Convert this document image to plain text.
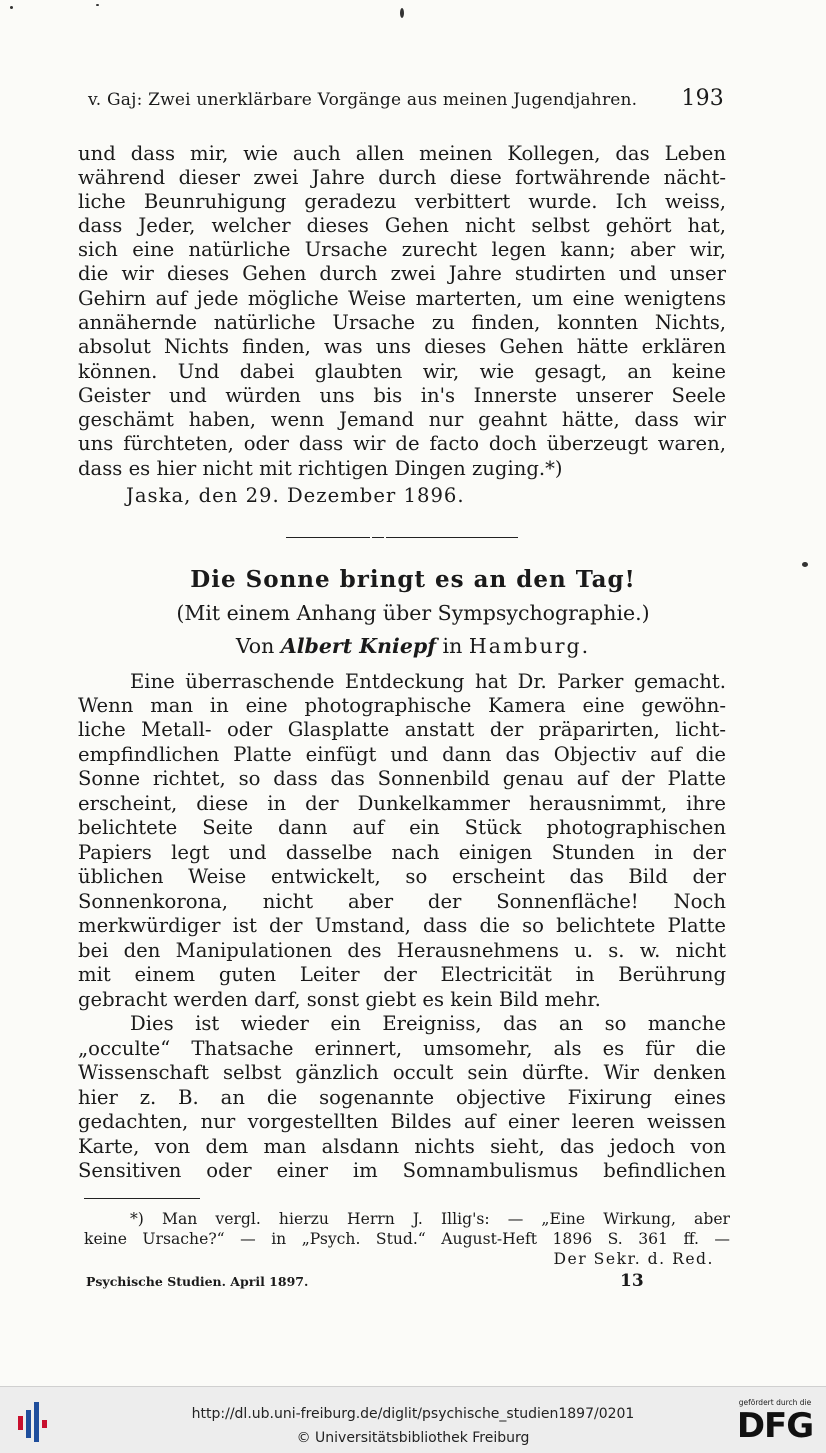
v. Gaj: Zwei unerklärbare Vorgänge aus meinen Jugendjahren. 193
und dass mir, wie auch allen meinen Kollegen, das Leben
während dieser zwei Jahre durch diese fortwährende nächt-
liche Beunruhigung geradezu verbittert wurde. Ich weiss,
dass Jeder, welcher dieses Gehen nicht selbst gehört hat,
sich eine natürliche Ursache zurecht legen kann; aber wir,
die wir dieses Gehen durch zwei Jahre studirten und unser
Gehirn auf jede mögliche Weise marterten, um eine wenigtens
annähernde natürliche Ursache zu finden, konnten Nichts,
absolut Nichts finden, was uns dieses Gehen hätte erklären
können. Und dabei glaubten wir, wie gesagt, an keine
Geister und würden uns bis in's Innerste unserer Seele
geschämt haben, wenn Jemand nur geahnt hätte, dass wir
uns fürchteten, oder dass wir de facto doch überzeugt waren,
dass es hier nicht mit richtigen Dingen zuging.*)
Jaska, den 29. Dezember 1896.
Die Sonne bringt es an den Tag!
(Mit einem Anhang über Sympsychographie.)
Von Albert Kniepf in Hamburg.
Eine überraschende Entdeckung hat Dr. Parker gemacht.
Wenn man in eine photographische Kamera eine gewöhn-
liche Metall- oder Glasplatte anstatt der präparirten, licht-
empfindlichen Platte einfügt und dann das Objectiv auf die
Sonne richtet, so dass das Sonnenbild genau auf der Platte
erscheint, diese in der Dunkelkammer herausnimmt, ihre
belichtete Seite dann auf ein Stück photographischen
Papiers legt und dasselbe nach einigen Stunden in der
üblichen Weise entwickelt, so erscheint das Bild der
Sonnenkorona, nicht aber der Sonnenfläche! Noch
merkwürdiger ist der Umstand, dass die so belichtete Platte
bei den Manipulationen des Herausnehmens u. s. w. nicht
mit einem guten Leiter der Electricität in Berührung
gebracht werden darf, sonst giebt es kein Bild mehr.
Dies ist wieder ein Ereigniss, das an so manche
„occulte“ Thatsache erinnert, umsomehr, als es für die
Wissenschaft selbst gänzlich occult sein dürfte. Wir denken
hier z. B. an die sogenannte objective Fixirung eines
gedachten, nur vorgestellten Bildes auf einer leeren weissen
Karte, von dem man alsdann nichts sieht, das jedoch von
Sensitiven oder einer im Somnambulismus befindlichen
*) Man vergl. hierzu Herrn J. Illig's: — „Eine Wirkung, aber
keine Ursache?“ — in „Psych. Stud.“ August-Heft 1896 S. 361 ff. —
Der Sekr. d. Red.
Psychische Studien. April 1897.	13
http://dl.ub.uni-freiburg.de/diglit/psychische_studien1897/0201
© Universitätsbibliothek Freiburg
gefördert durch die
DFG
